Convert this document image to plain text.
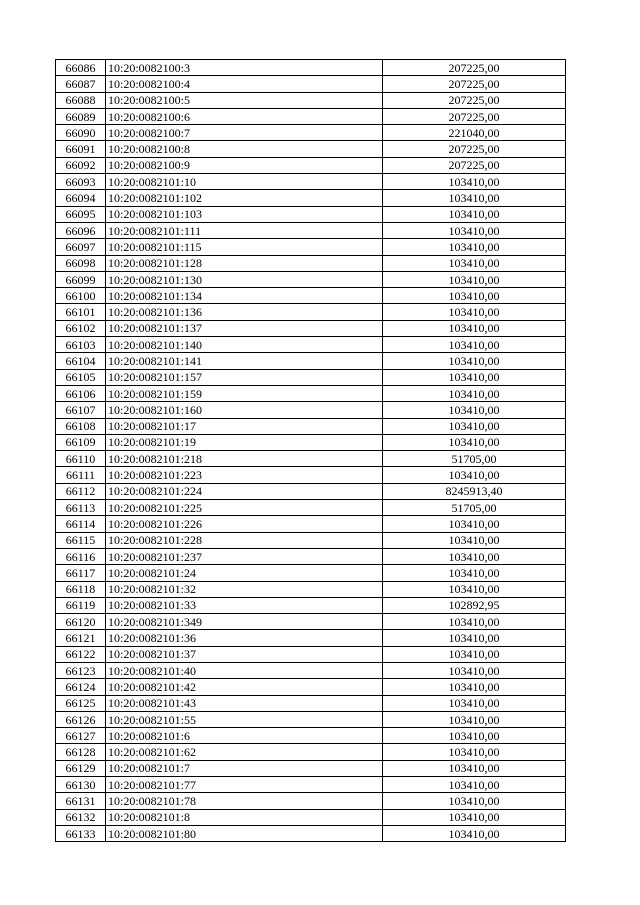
66086	10:20:0082100:3	207225,00
66087	10:20:0082100:4	207225,00
66088	10:20:0082100:5	207225,00
66089	10:20:0082100:6	207225,00
66090	10:20:0082100:7	221040,00
66091	10:20:0082100:8	207225,00
66092	10:20:0082100:9	207225,00
66093	10:20:0082101:10	103410,00
66094	10:20:0082101:102	103410,00
66095	10:20:0082101:103	103410,00
66096	10:20:0082101:111	103410,00
66097	10:20:0082101:115	103410,00
66098	10:20:0082101:128	103410,00
66099	10:20:0082101:130	103410,00
66100	10:20:0082101:134	103410,00
66101	10:20:0082101:136	103410,00
66102	10:20:0082101:137	103410,00
66103	10:20:0082101:140	103410,00
66104	10:20:0082101:141	103410,00
66105	10:20:0082101:157	103410,00
66106	10:20:0082101:159	103410,00
66107	10:20:0082101:160	103410,00
66108	10:20:0082101:17	103410,00
66109	10:20:0082101:19	103410,00
66110	10:20:0082101:218	51705,00
66111	10:20:0082101:223	103410,00
66112	10:20:0082101:224	8245913,40
66113	10:20:0082101:225	51705,00
66114	10:20:0082101:226	103410,00
66115	10:20:0082101:228	103410,00
66116	10:20:0082101:237	103410,00
66117	10:20:0082101:24	103410,00
66118	10:20:0082101:32	103410,00
66119	10:20:0082101:33	102892,95
66120	10:20:0082101:349	103410,00
66121	10:20:0082101:36	103410,00
66122	10:20:0082101:37	103410,00
66123	10:20:0082101:40	103410,00
66124	10:20:0082101:42	103410,00
66125	10:20:0082101:43	103410,00
66126	10:20:0082101:55	103410,00
66127	10:20:0082101:6	103410,00
66128	10:20:0082101:62	103410,00
66129	10:20:0082101:7	103410,00
66130	10:20:0082101:77	103410,00
66131	10:20:0082101:78	103410,00
66132	10:20:0082101:8	103410,00
66133	10:20:0082101:80	103410,00
